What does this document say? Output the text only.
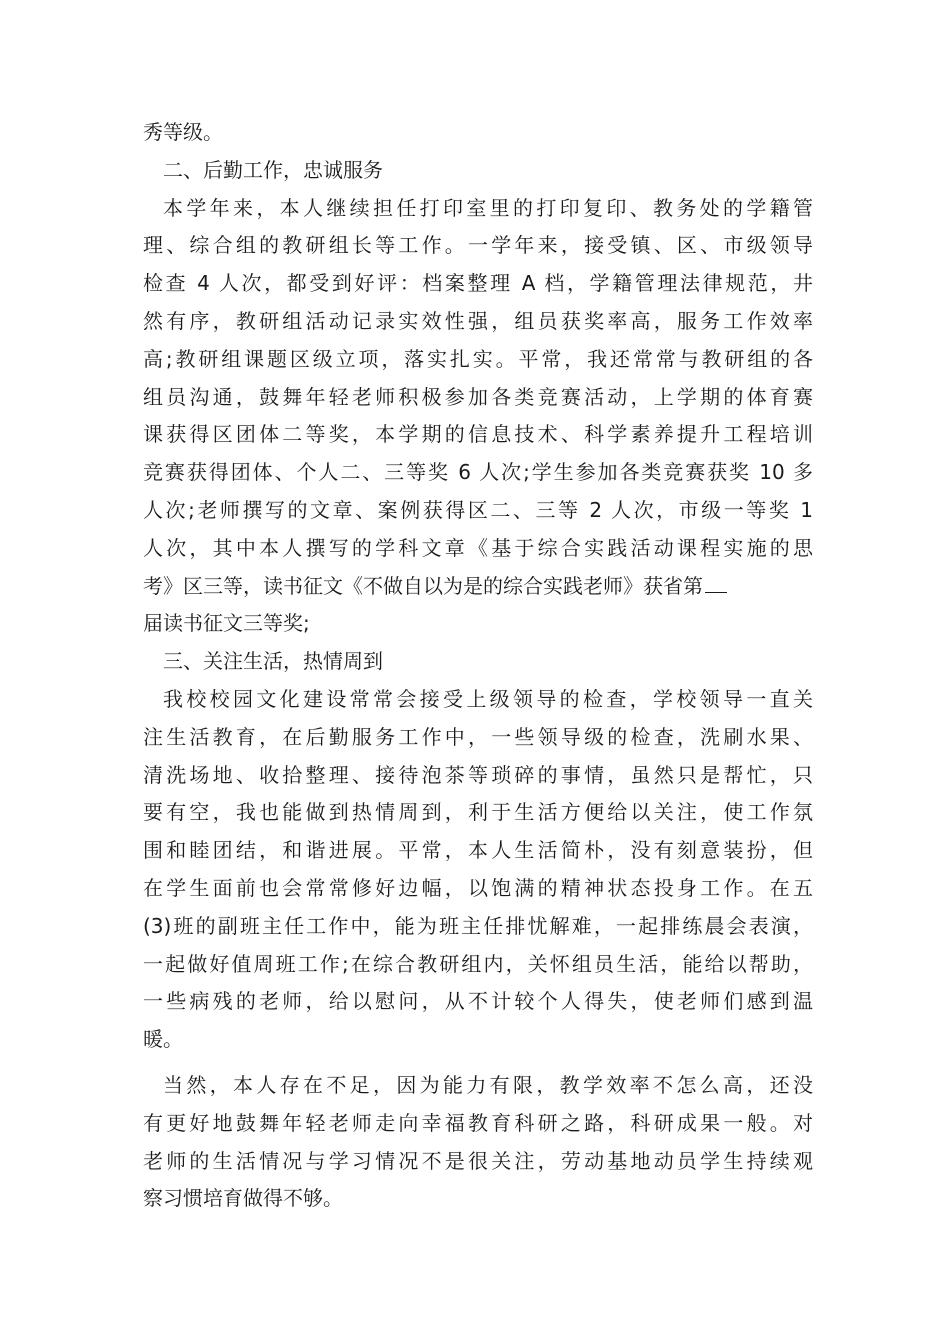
秀等级。
二、后勤工作，忠诚服务
本学年来，本人继续担任打印室里的打印复印、教务处的学籍管
理、综合组的教研组长等工作。一学年来，接受镇、区、市级领导
检查 4 人次，都受到好评：档案整理 A 档，学籍管理法律规范，井
然有序，教研组活动记录实效性强，组员获奖率高，服务工作效率
高;教研组课题区级立项，落实扎实。平常，我还常常与教研组的各
组员沟通，鼓舞年轻老师积极参加各类竞赛活动，上学期的体育赛
课获得区团体二等奖，本学期的信息技术、科学素养提升工程培训
竞赛获得团体、个人二、三等奖 6 人次;学生参加各类竞赛获奖 10 多
人次;老师撰写的文章、案例获得区二、三等 2 人次，市级一等奖 1
人次，其中本人撰写的学科文章《基于综合实践活动课程实施的思
考》区三等，读书征文《不做自以为是的综合实践老师》获省第
届读书征文三等奖;
三、关注生活，热情周到
我校校园文化建设常常会接受上级领导的检查，学校领导一直关
注生活教育，在后勤服务工作中，一些领导级的检查，洗刷水果、
清洗场地、收拾整理、接待泡茶等琐碎的事情，虽然只是帮忙，只
要有空，我也能做到热情周到，利于生活方便给以关注，使工作氛
围和睦团结，和谐进展。平常，本人生活简朴，没有刻意装扮，但
在学生面前也会常常修好边幅，以饱满的精神状态投身工作。在五
(3)班的副班主任工作中，能为班主任排忧解难，一起排练晨会表演，
一起做好值周班工作;在综合教研组内，关怀组员生活，能给以帮助，
一些病残的老师，给以慰问，从不计较个人得失，使老师们感到温
暖。
当然，本人存在不足，因为能力有限，教学效率不怎么高，还没
有更好地鼓舞年轻老师走向幸福教育科研之路，科研成果一般。对
老师的生活情况与学习情况不是很关注，劳动基地动员学生持续观
察习惯培育做得不够。
